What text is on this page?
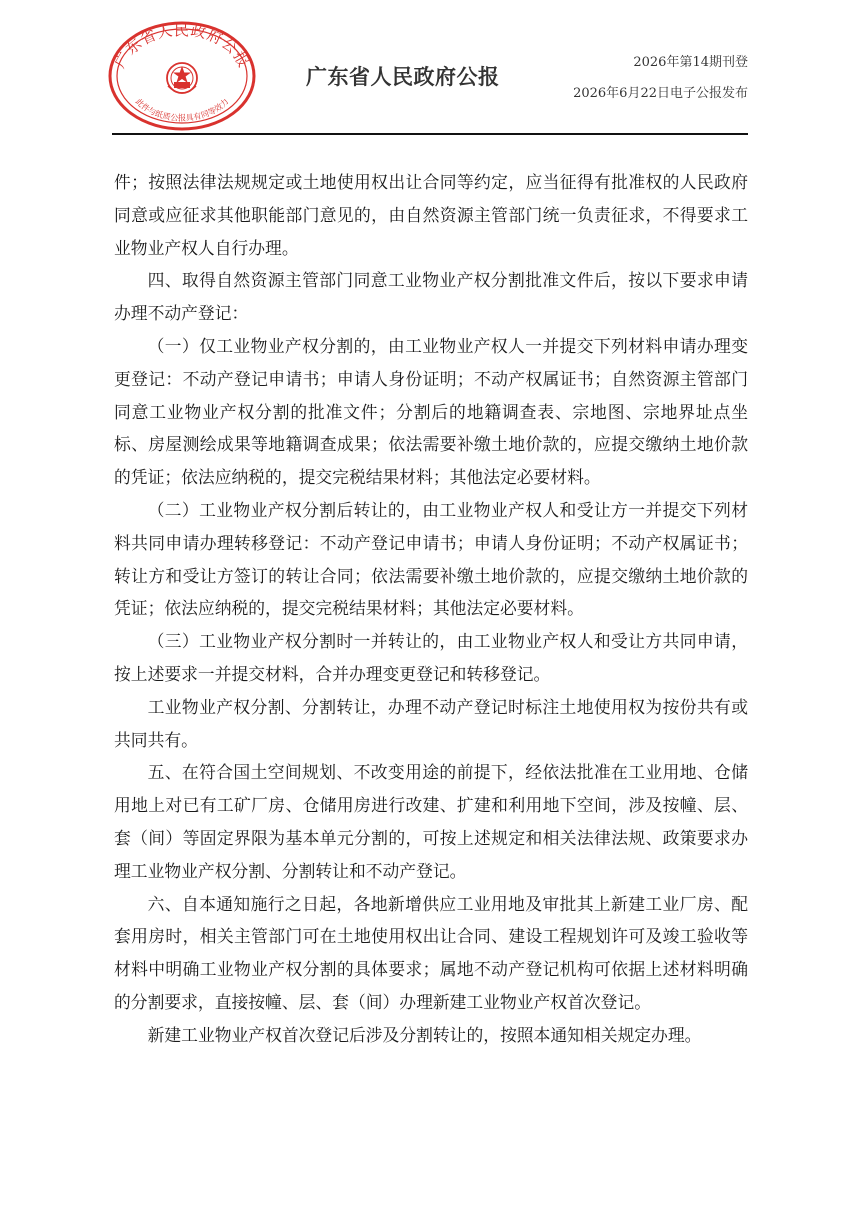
广东省人民政府公报
此件与纸质公报具有同等效力
广东省人民政府公报
2026年第14期刊登
2026年6月22日电子公报发布

件；按照法律法规规定或土地使用权出让合同等约定，应当征得有批准权的人民政府同意或应征求其他职能部门意见的，由自然资源主管部门统一负责征求，不得要求工业物业产权人自行办理。

四、取得自然资源主管部门同意工业物业产权分割批准文件后，按以下要求申请办理不动产登记：

（一）仅工业物业产权分割的，由工业物业产权人一并提交下列材料申请办理变更登记：不动产登记申请书；申请人身份证明；不动产权属证书；自然资源主管部门同意工业物业产权分割的批准文件；分割后的地籍调查表、宗地图、宗地界址点坐标、房屋测绘成果等地籍调查成果；依法需要补缴土地价款的，应提交缴纳土地价款的凭证；依法应纳税的，提交完税结果材料；其他法定必要材料。

（二）工业物业产权分割后转让的，由工业物业产权人和受让方一并提交下列材料共同申请办理转移登记：不动产登记申请书；申请人身份证明；不动产权属证书；转让方和受让方签订的转让合同；依法需要补缴土地价款的，应提交缴纳土地价款的凭证；依法应纳税的，提交完税结果材料；其他法定必要材料。

（三）工业物业产权分割时一并转让的，由工业物业产权人和受让方共同申请，按上述要求一并提交材料，合并办理变更登记和转移登记。

工业物业产权分割、分割转让，办理不动产登记时标注土地使用权为按份共有或共同共有。

五、在符合国土空间规划、不改变用途的前提下，经依法批准在工业用地、仓储用地上对已有工矿厂房、仓储用房进行改建、扩建和利用地下空间，涉及按幢、层、套（间）等固定界限为基本单元分割的，可按上述规定和相关法律法规、政策要求办理工业物业产权分割、分割转让和不动产登记。

六、自本通知施行之日起，各地新增供应工业用地及审批其上新建工业厂房、配套用房时，相关主管部门可在土地使用权出让合同、建设工程规划许可及竣工验收等材料中明确工业物业产权分割的具体要求；属地不动产登记机构可依据上述材料明确的分割要求，直接按幢、层、套（间）办理新建工业物业产权首次登记。

新建工业物业产权首次登记后涉及分割转让的，按照本通知相关规定办理。
